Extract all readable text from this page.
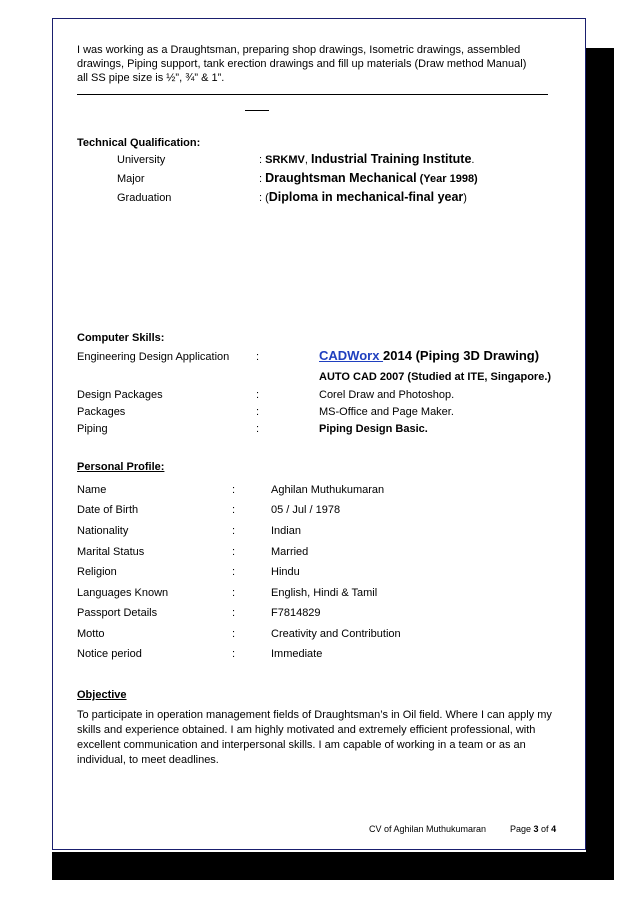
I was working as a Draughtsman, preparing shop drawings, Isometric drawings, assembled
drawings, Piping support, tank erection drawings and fill up materials (Draw method Manual)
all SS pipe size is ½”, ¾” & 1”.
Technical Qualification:
University	: SRKMV, Industrial Training Institute.
Major	: Draughtsman Mechanical (Year 1998)
Graduation	: (Diploma in mechanical-final year)
Computer Skills:
Engineering Design Application :	CADWorx 2014 (Piping 3D Drawing)
AUTO CAD 2007 (Studied at ITE, Singapore.)
Design Packages	:	Corel Draw and Photoshop.
Packages	:	MS-Office and Page Maker.
Piping	:	Piping Design Basic.
Personal Profile:
Name	:	Aghilan Muthukumaran
Date of Birth	:	05 / Jul / 1978
Nationality	:	Indian
Marital Status	:	Married
Religion	:	Hindu
Languages Known	:	English, Hindi & Tamil
Passport Details	:	F7814829
Motto	:	Creativity and Contribution
Notice period	:	Immediate
Objective
To participate in operation management fields of Draughtsman’s in Oil field. Where I can apply my
skills and experience obtained. I am highly motivated and extremely efficient professional, with
excellent communication and interpersonal skills. I am capable of working in a team or as an
individual, to meet deadlines.
CV of Aghilan Muthukumaran	Page 3 of 4
